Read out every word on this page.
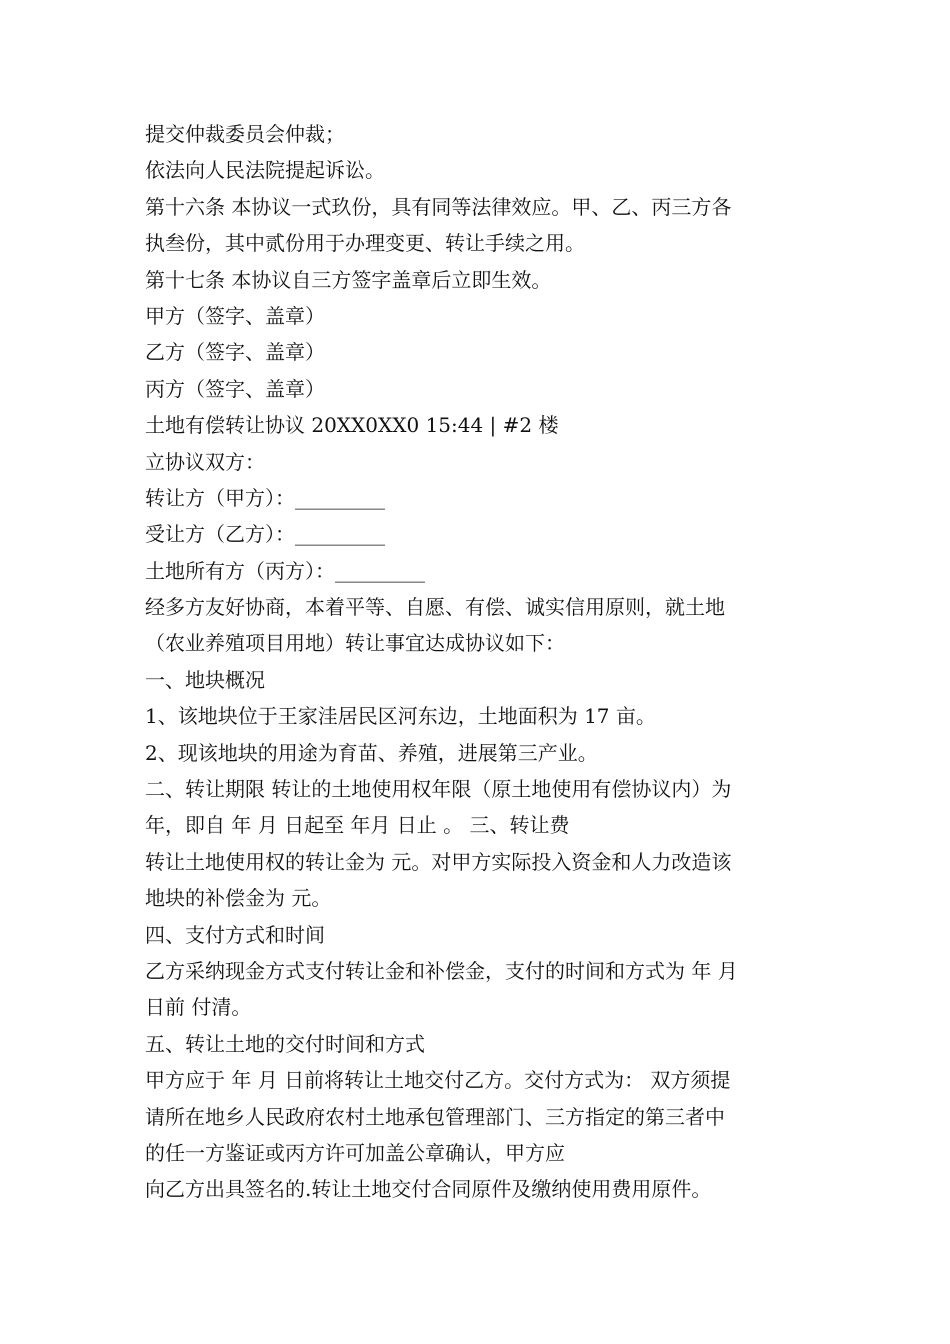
提交仲裁委员会仲裁；
依法向人民法院提起诉讼。
第十六条 本协议一式玖份，具有同等法律效应。甲、乙、丙三方各
执叁份，其中贰份用于办理变更、转让手续之用。
第十七条 本协议自三方签字盖章后立即生效。
甲方（签字、盖章）
乙方（签字、盖章）
丙方（签字、盖章）
土地有偿转让协议 20XX0XX0 15:44 | #2 楼
立协议双方：
转让方（甲方）：_________
受让方（乙方）：_________
土地所有方（丙方）：_________
经多方友好协商，本着平等、自愿、有偿、诚实信用原则，就土地
（农业养殖项目用地）转让事宜达成协议如下：
一、地块概况
1、该地块位于王家洼居民区河东边，土地面积为 17 亩。
2、现该地块的用途为育苗、养殖，进展第三产业。
二、转让期限 转让的土地使用权年限（原土地使用有偿协议内）为
年，即自 年 月 日起至 年月 日止 。 三、转让费
转让土地使用权的转让金为 元。对甲方实际投入资金和人力改造该
地块的补偿金为 元。
四、支付方式和时间
乙方采纳现金方式支付转让金和补偿金，支付的时间和方式为 年 月
日前 付清。
五、转让土地的交付时间和方式
甲方应于 年 月 日前将转让土地交付乙方。交付方式为： 双方须提
请所在地乡人民政府农村土地承包管理部门、三方指定的第三者中
的任一方鉴证或丙方许可加盖公章确认，甲方应
向乙方出具签名的.转让土地交付合同原件及缴纳使用费用原件。
